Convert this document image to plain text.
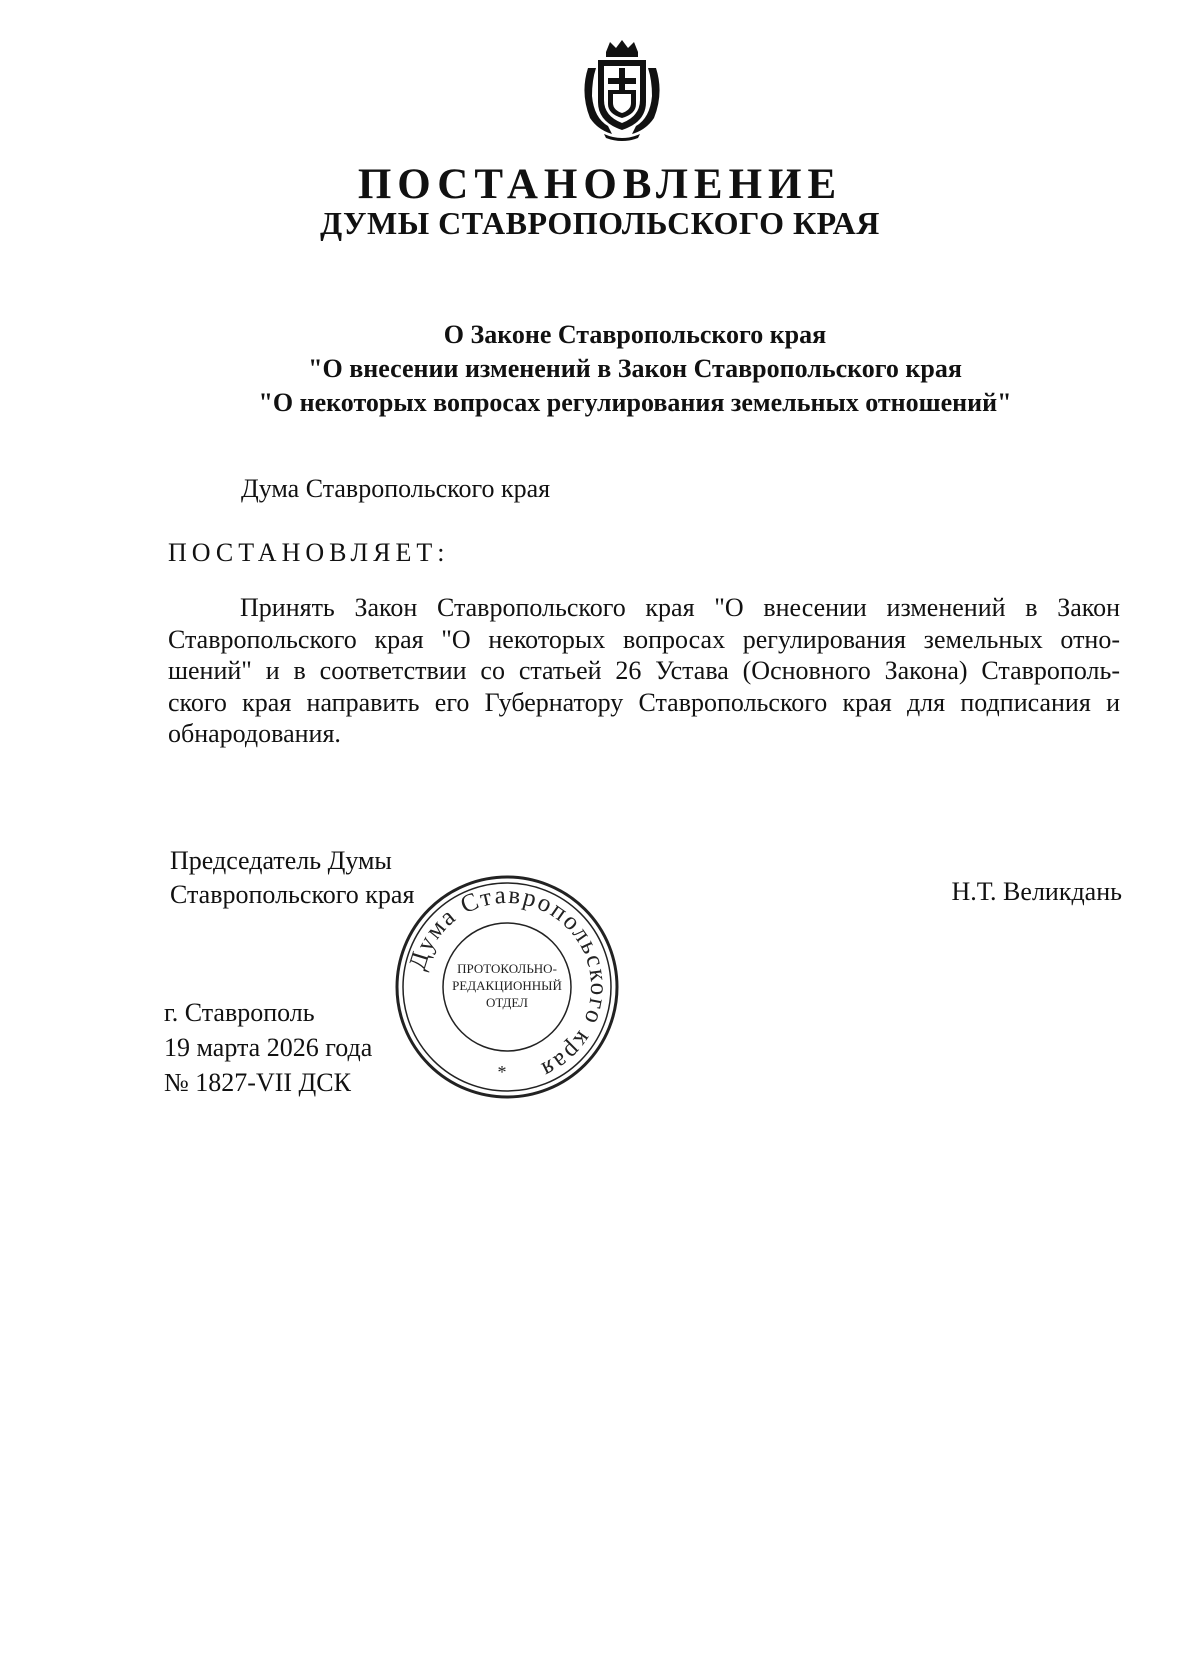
ПОСТАНОВЛЕНИЕ
ДУМЫ СТАВРОПОЛЬСКОГО КРАЯ
О Законе Ставропольского края
"О внесении изменений в Закон Ставропольского края
"О некоторых вопросах регулирования земельных отношений"
Дума Ставропольского края
ПОСТАНОВЛЯЕТ:
Принять Закон Ставропольского края "О внесении изменений в Закон
Ставропольского края "О некоторых вопросах регулирования земельных отно-
шений" и в соответствии со статьей 26 Устава (Основного Закона) Ставрополь-
ского края направить его Губернатору Ставропольского края для подписания и
обнародования.
Председатель Думы
Ставропольского края	Н.Т. Великдань
г. Ставрополь
19 марта 2026 года
№ 1827-VII ДСК
Дума Ставропольского края
ПРОТОКОЛЬНО-
РЕДАКЦИОННЫЙ
ОТДЕЛ
*
